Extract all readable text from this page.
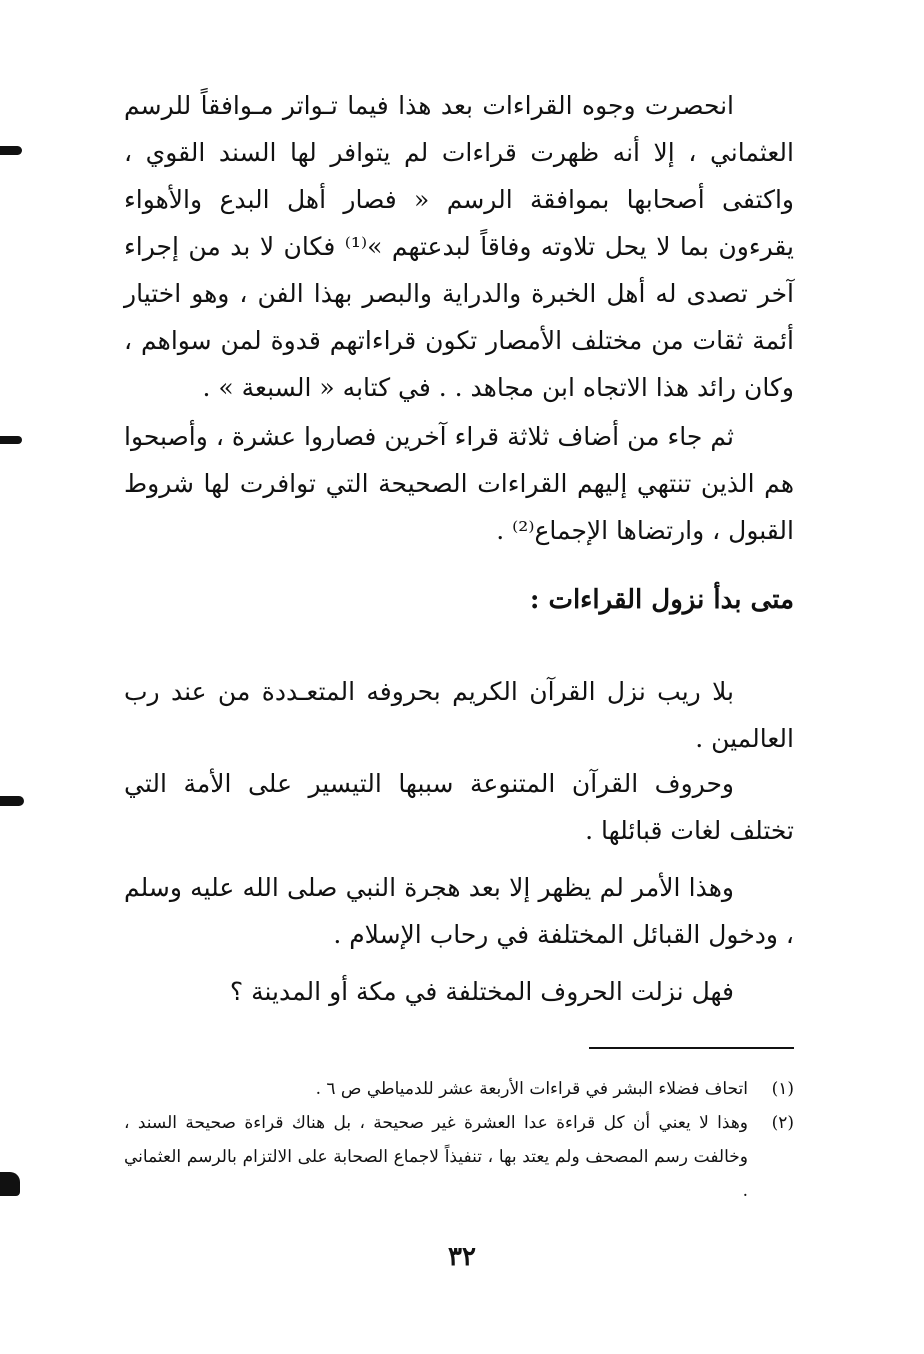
انحصرت وجوه القراءات بعد هذا فيما تـواتر مـوافقاً للرسم العثماني ، إلا أنه ظهرت قراءات لم يتوافر لها السند القوي ، واكتفى أصحابها بموافقة الرسم « فصار أهل البدع والأهواء يقرءون بما لا يحل تلاوته وفاقاً لبدعتهم »⁽¹⁾ فكان لا بد من إجراء آخر تصدى له أهل الخبرة والدراية والبصر بهذا الفن ، وهو اختيار أئمة ثقات من مختلف الأمصار تكون قراءاتهم قدوة لمن سواهم ، وكان رائد هذا الاتجاه ابن مجاهد . . في كتابه « السبعة » .

ثم جاء من أضاف ثلاثة قراء آخرين فصاروا عشرة ، وأصبحوا هم الذين تنتهي إليهم القراءات الصحيحة التي توافرت لها شروط القبول ، وارتضاها الإجماع⁽²⁾ .

متى بدأ نزول القراءات :

بلا ريب نزل القرآن الكريم بحروفه المتعـددة من عند رب العالمين .

وحروف القرآن المتنوعة سببها التيسير على الأمة التي تختلف لغات قبائلها .

وهذا الأمر لم يظهر إلا بعد هجرة النبي صلى الله عليه وسلم ، ودخول القبائل المختلفة في رحاب الإسلام .

فهل نزلت الحروف المختلفة في مكة أو المدينة ؟

(١)
اتحاف فضلاء البشر في قراءات الأربعة عشر للدمياطي ص ٦ .
(٢)
وهذا لا يعني أن كل قراءة عدا العشرة غير صحيحة ، بل هناك قراءة صحيحة السند ، وخالفت رسم المصحف ولم يعتد بها ، تنفيذاً لاجماع الصحابة على الالتزام بالرسم العثماني .
٣٢
